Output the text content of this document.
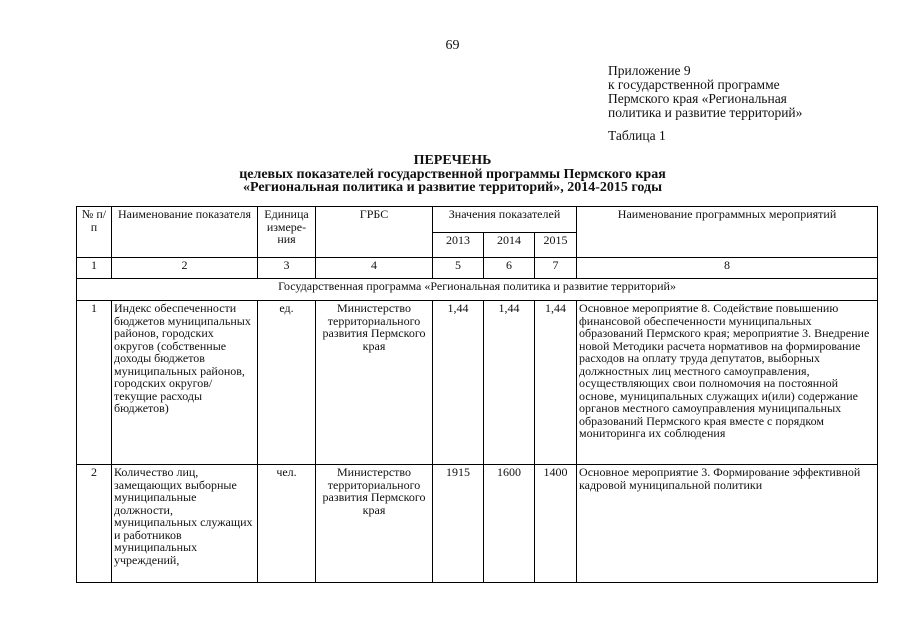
69
Приложение 9
к государственной программе
Пермского края «Региональная
политика и развитие территорий»
Таблица 1
ПЕРЕЧЕНЬ
целевых показателей государственной программы Пермского края
«Региональная политика и развитие территорий», 2014-2015 годы
№ п/п	Наименование показателя	Единица измере-ния	ГРБС	Значения показателей			Наименование программных мероприятий
				2013	2014	2015	
1	2	3	4	5	6	7	8
Государственная программа «Региональная политика и развитие территорий»							
1	Индекс обеспеченности бюджетов муниципальных районов, городских округов (собственные доходы бюджетов муниципальных районов, городских округов/текущие расходы бюджетов)	ед.	Министерство территориального развития Пермского края	1,44	1,44	1,44	Основное мероприятие 8. Содействие повышению финансовой обеспеченности муниципальных образований Пермского края; мероприятие 3. Внедрение новой Методики расчета нормативов на формирование расходов на оплату труда депутатов, выборных должностных лиц местного самоуправления, осуществляющих свои полномочия на постоянной основе, муниципальных служащих и(или) содержание органов местного самоуправления муниципальных образований Пермского края вместе с порядком мониторинга их соблюдения
2	Количество лиц, замещающих выборные муниципальные должности, муниципальных служащих и работников муниципальных учреждений,	чел.	Министерство территориального развития Пермского края	1915	1600	1400	Основное мероприятие 3. Формирование эффективной кадровой муниципальной политики
